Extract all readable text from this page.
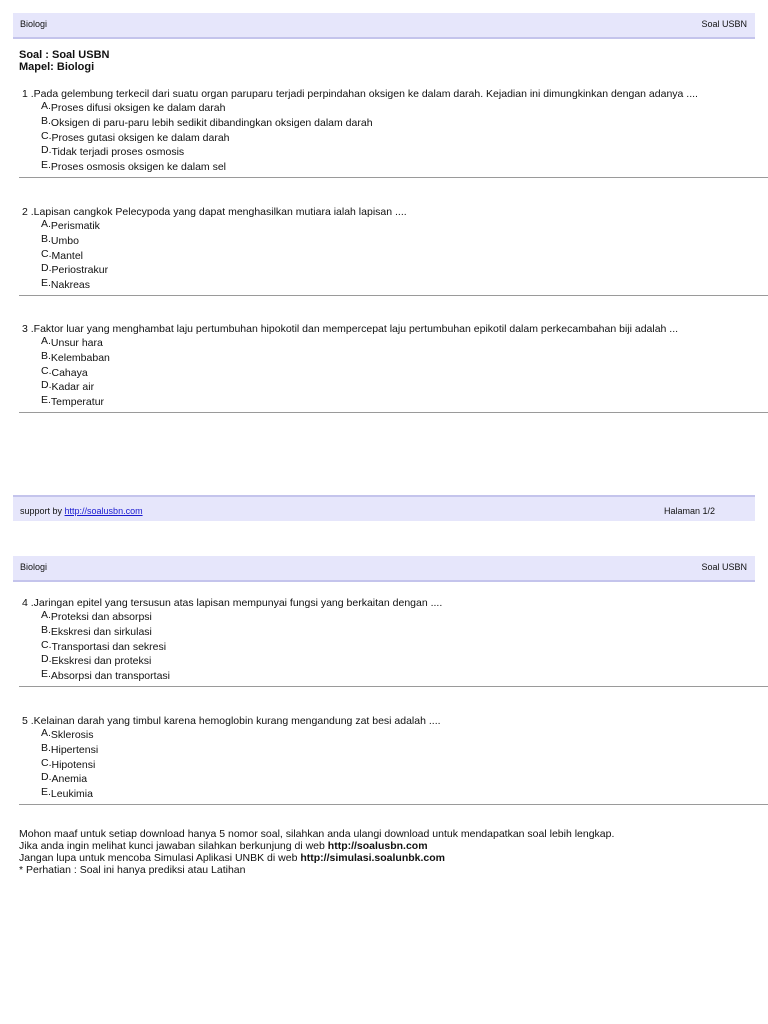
Biologi	Soal USBN
Soal : Soal USBN
Mapel: Biologi
1 .Pada gelembung terkecil dari suatu organ paruparu terjadi perpindahan oksigen ke dalam darah. Kejadian ini dimungkinkan dengan adanya ....
A.Proses difusi oksigen ke dalam darah
B.Oksigen di paru-paru lebih sedikit dibandingkan oksigen dalam darah
C.Proses gutasi oksigen ke dalam darah
D.Tidak terjadi proses osmosis
E.Proses osmosis oksigen ke dalam sel
2 .Lapisan cangkok Pelecypoda yang dapat menghasilkan mutiara ialah lapisan ....
A.Perismatik
B.Umbo
C.Mantel
D.Periostrakur
E.Nakreas
3 .Faktor luar yang menghambat laju pertumbuhan hipokotil dan mempercepat laju pertumbuhan epikotil dalam perkecambahan biji adalah ...
A.Unsur hara
B.Kelembaban
C.Cahaya
D.Kadar air
E.Temperatur
support by http://soalusbn.com	Halaman 1/2
Biologi	Soal USBN
4 .Jaringan epitel yang tersusun atas lapisan mempunyai fungsi yang berkaitan dengan ....
A.Proteksi dan absorpsi
B.Ekskresi dan sirkulasi
C.Transportasi dan sekresi
D.Ekskresi dan proteksi
E.Absorpsi dan transportasi
5 .Kelainan darah yang timbul karena hemoglobin kurang mengandung zat besi adalah ....
A.Sklerosis
B.Hipertensi
C.Hipotensi
D.Anemia
E.Leukimia
Mohon maaf untuk setiap download hanya 5 nomor soal, silahkan anda ulangi download untuk mendapatkan soal lebih lengkap.
Jika anda ingin melihat kunci jawaban silahkan berkunjung di web http://soalusbn.com
Jangan lupa untuk mencoba Simulasi Aplikasi UNBK di web http://simulasi.soalunbk.com
* Perhatian : Soal ini hanya prediksi atau Latihan
